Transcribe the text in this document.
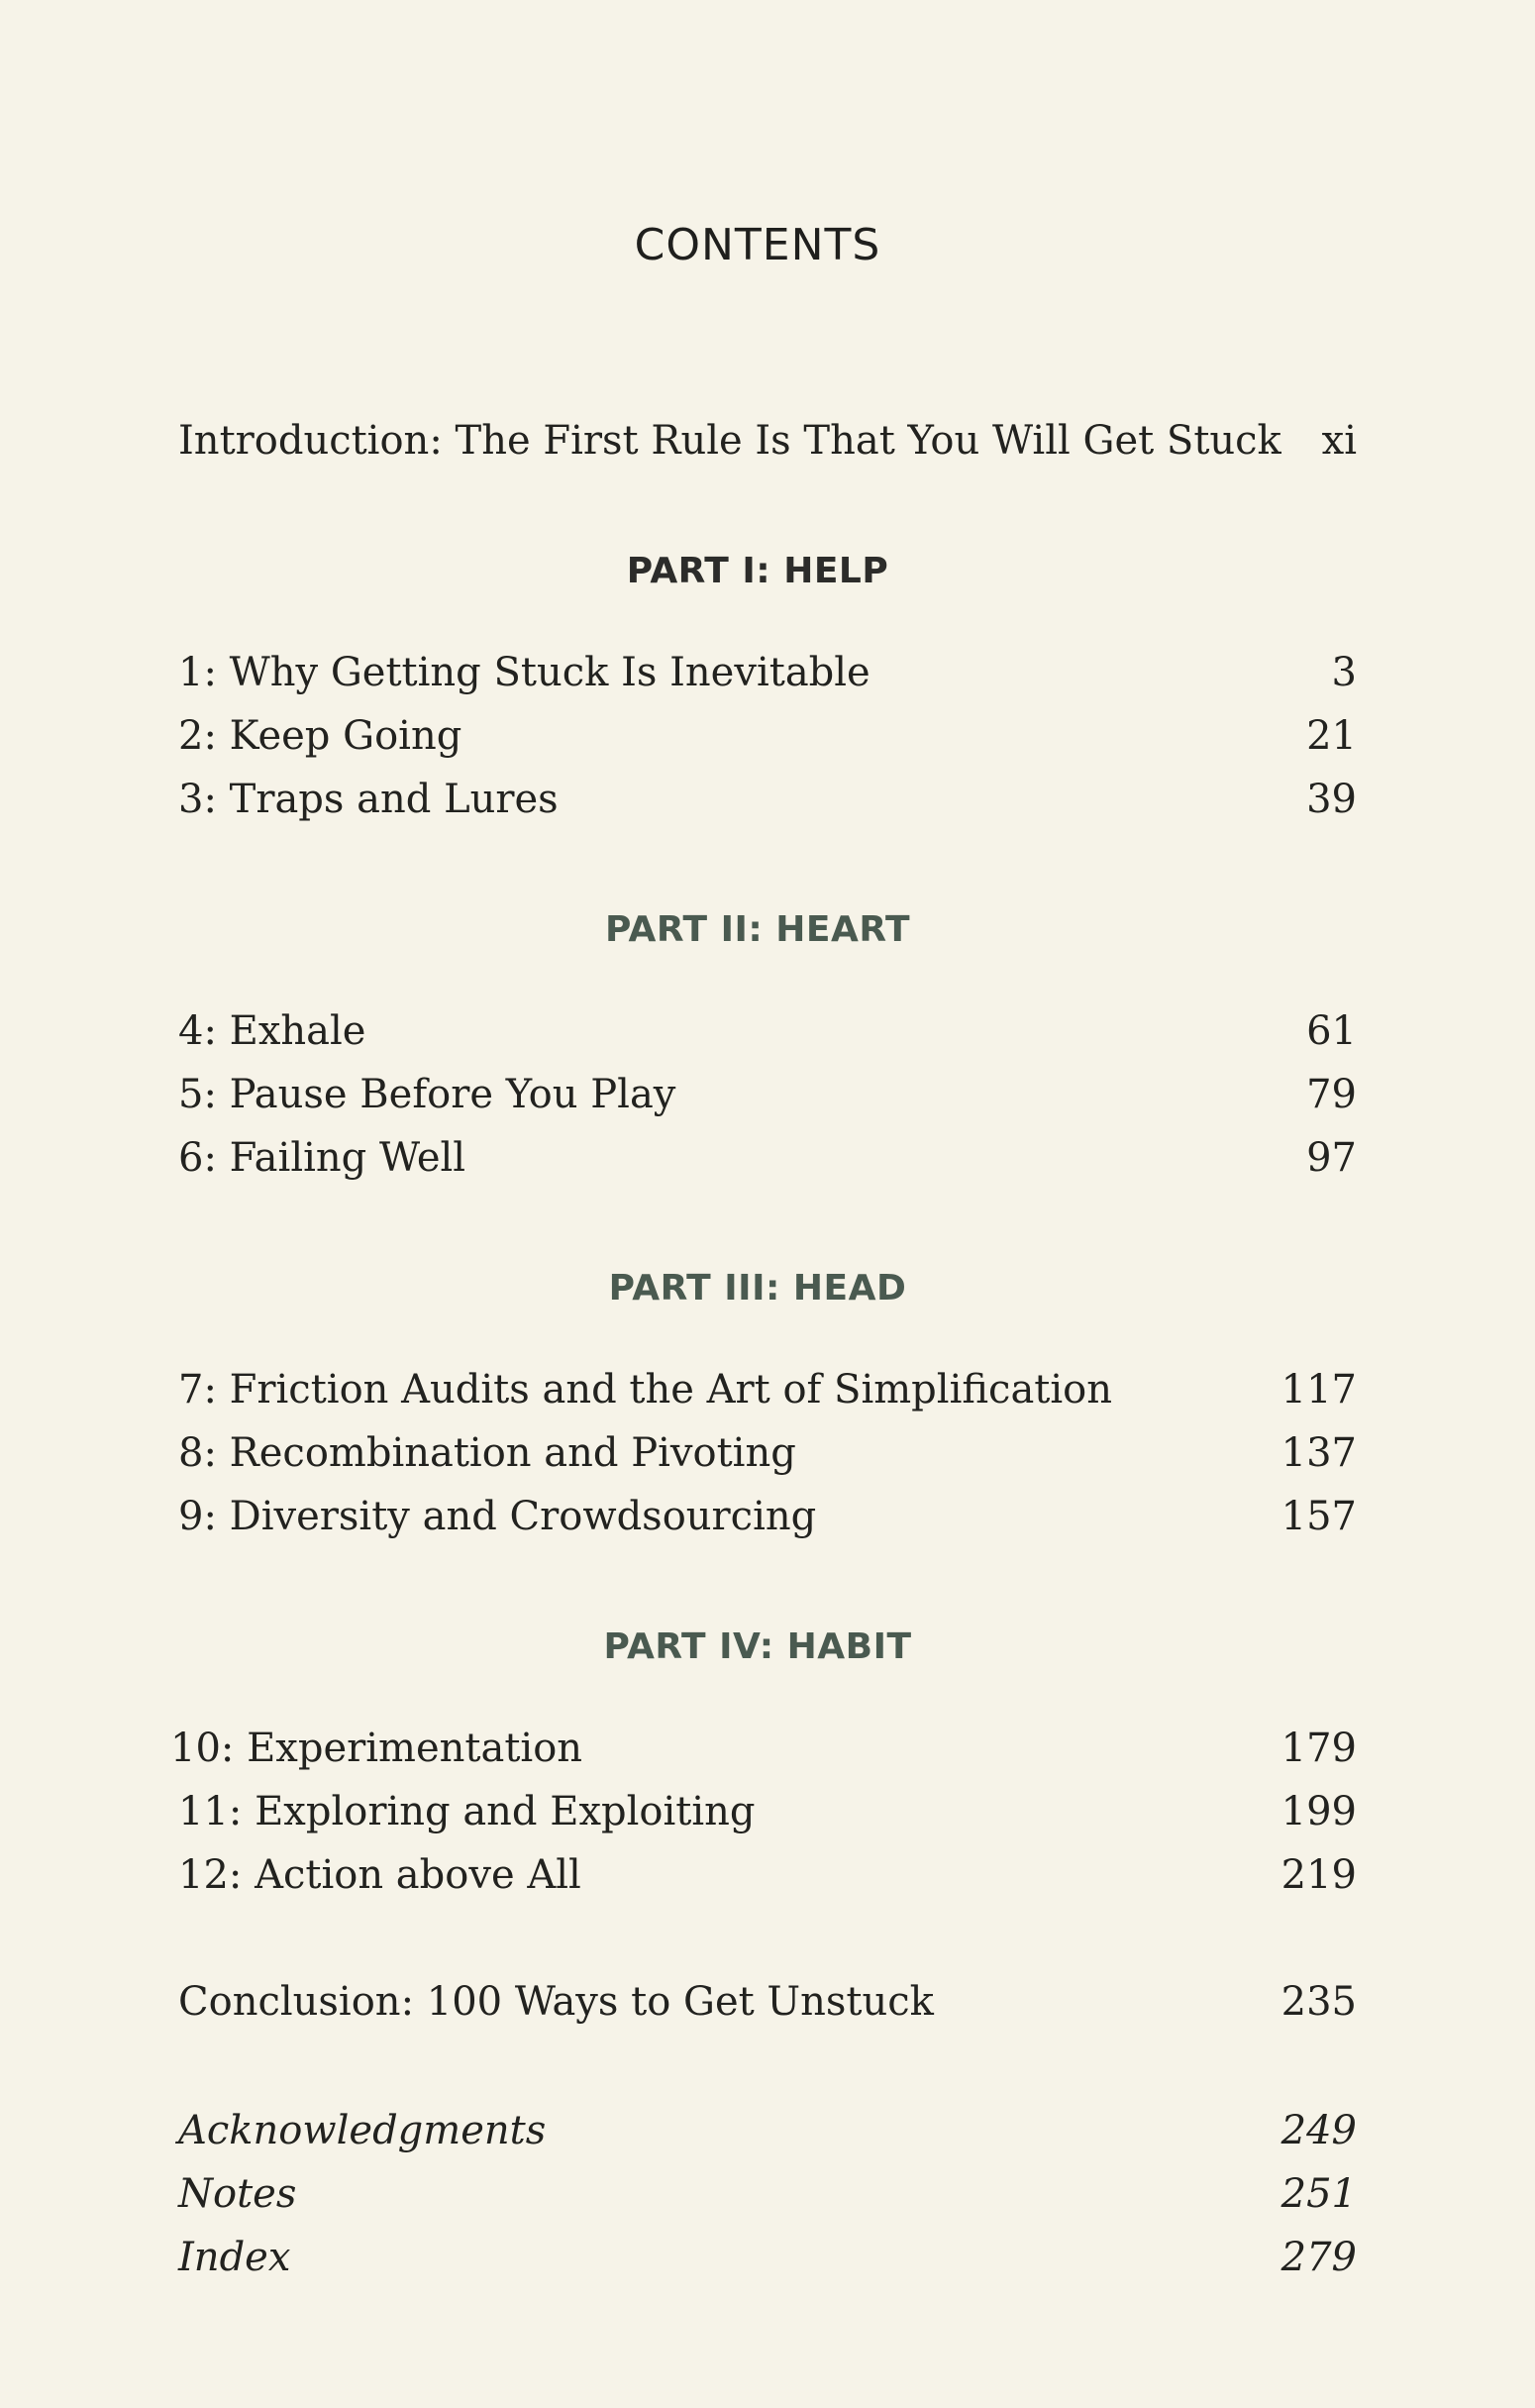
CONTENTS
Introduction: The First Rule Is That You Will Get Stuck xi
PART I: HELP
1: Why Getting Stuck Is Inevitable	3
2: Keep Going	21
3: Traps and Lures	39
PART II: HEART
4: Exhale	61
5: Pause Before You Play	79
6: Failing Well	97
PART III: HEAD
7: Friction Audits and the Art of Simplification	117
8: Recombination and Pivoting	137
9: Diversity and Crowdsourcing	157
PART IV: HABIT
10: Experimentation	179
11: Exploring and Exploiting	199
12: Action above All	219
Conclusion: 100 Ways to Get Unstuck	235
Acknowledgments	249
Notes	251
Index	279
